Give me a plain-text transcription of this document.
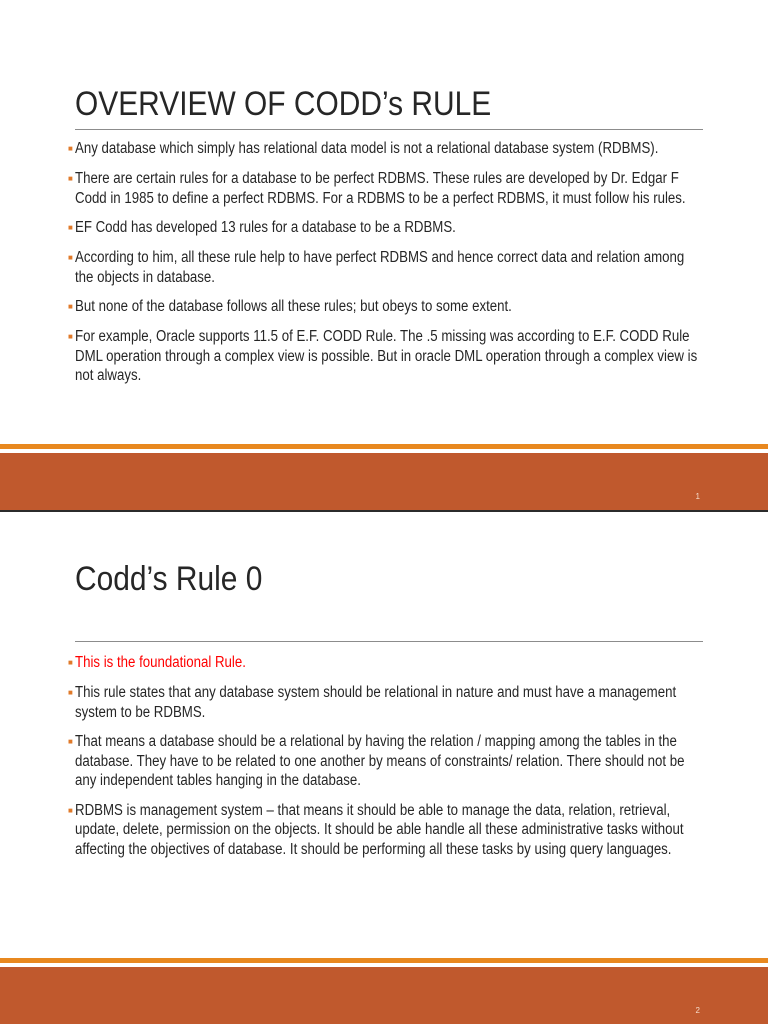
OVERVIEW OF CODD’s RULE
■ Any database which simply has relational data model is not a relational database system (RDBMS).
■ There are certain rules for a database to be perfect RDBMS. These rules are developed by Dr. Edgar F Codd in 1985 to define a perfect RDBMS. For a RDBMS to be a perfect RDBMS, it must follow his rules.
■ EF Codd has developed 13 rules for a database to be a RDBMS.
■ According to him, all these rule help to have perfect RDBMS and hence correct data and relation among the objects in database.
■ But none of the database follows all these rules; but obeys to some extent.
■ For example, Oracle supports 11.5 of E.F. CODD Rule. The .5 missing was according to E.F. CODD Rule DML operation through a complex view is possible. But in oracle DML operation through a complex view is not always.
1
Codd’s Rule 0
■ This is the foundational Rule.
■ This rule states that any database system should be relational in nature and must have a management system to be RDBMS.
■ That means a database should be a relational by having the relation / mapping among the tables in the database. They have to be related to one another by means of constraints/ relation. There should not be any independent tables hanging in the database.
■ RDBMS is management system – that means it should be able to manage the data, relation, retrieval, update, delete, permission on the objects. It should be able handle all these administrative tasks without affecting the objectives of database. It should be performing all these tasks by using query languages.
2
